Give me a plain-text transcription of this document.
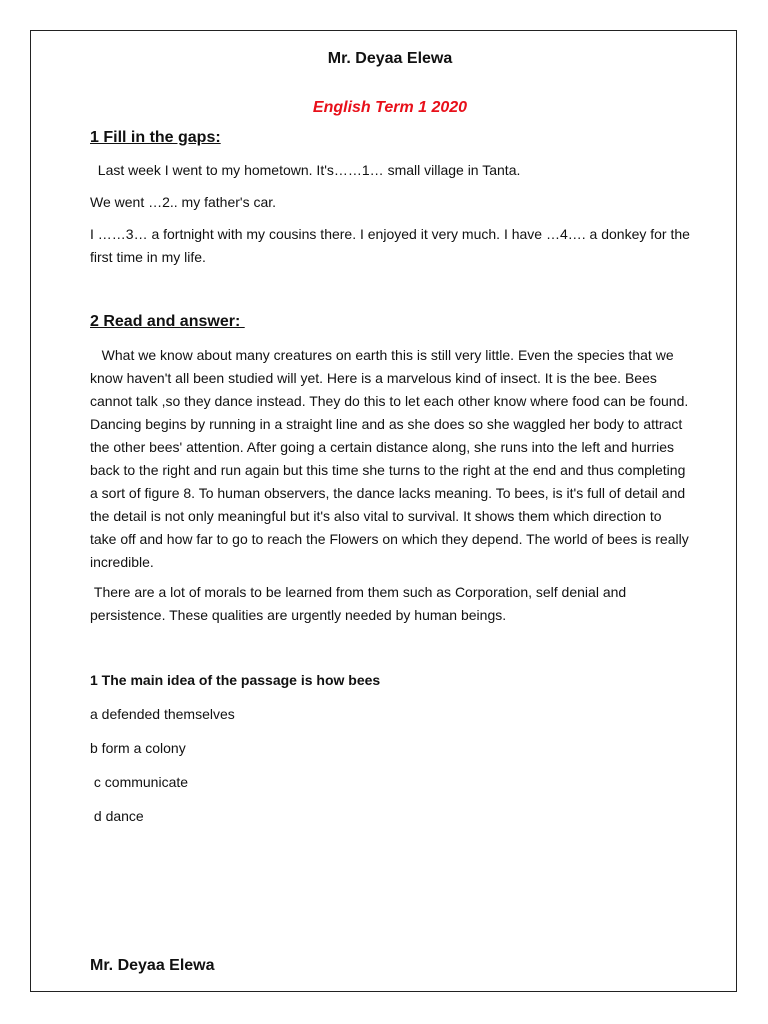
Mr. Deyaa Elewa
English Term 1 2020
1 Fill in the gaps:
Last week I went to my hometown. It's……1… small village in Tanta.
We went …2.. my father's car.
I ……3… a fortnight with my cousins there. I enjoyed it very much. I have …4…. a donkey for the first time in my life.
2 Read and answer:
What we know about many creatures on earth this is still very little. Even the species that we know haven't all been studied will yet. Here is a marvelous kind of insect. It is the bee. Bees cannot talk ,so they dance instead. They do this to let each other know where food can be found. Dancing begins by running in a straight line and as she does so she waggled her body to attract the other bees' attention. After going a certain distance along, she runs into the left and hurries back to the right and run again but this time she turns to the right at the end and thus completing a sort of figure 8. To human observers, the dance lacks meaning. To bees, is it's full of detail and the detail is not only meaningful but it's also vital to survival. It shows them which direction to take off and how far to go to reach the Flowers on which they depend. The world of bees is really incredible.
There are a lot of morals to be learned from them such as Corporation, self denial and persistence. These qualities are urgently needed by human beings.
1 The main idea of the passage is how bees
a defended themselves
b form a colony
c communicate
d dance
Mr. Deyaa Elewa
